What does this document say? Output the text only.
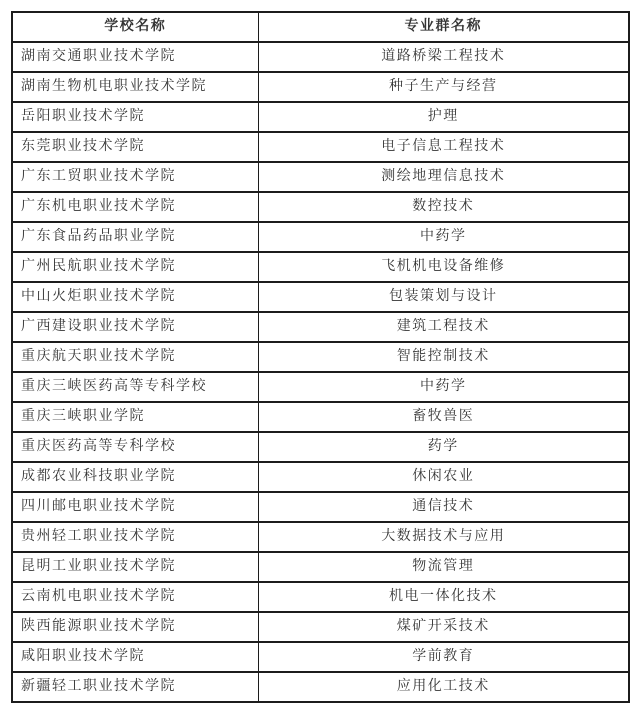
学校名称	专业群名称
湖南交通职业技术学院	道路桥梁工程技术
湖南生物机电职业技术学院	种子生产与经营
岳阳职业技术学院	护理
东莞职业技术学院	电子信息工程技术
广东工贸职业技术学院	测绘地理信息技术
广东机电职业技术学院	数控技术
广东食品药品职业学院	中药学
广州民航职业技术学院	飞机机电设备维修
中山火炬职业技术学院	包装策划与设计
广西建设职业技术学院	建筑工程技术
重庆航天职业技术学院	智能控制技术
重庆三峡医药高等专科学校	中药学
重庆三峡职业学院	畜牧兽医
重庆医药高等专科学校	药学
成都农业科技职业学院	休闲农业
四川邮电职业技术学院	通信技术
贵州轻工职业技术学院	大数据技术与应用
昆明工业职业技术学院	物流管理
云南机电职业技术学院	机电一体化技术
陕西能源职业技术学院	煤矿开采技术
咸阳职业技术学院	学前教育
新疆轻工职业技术学院	应用化工技术
